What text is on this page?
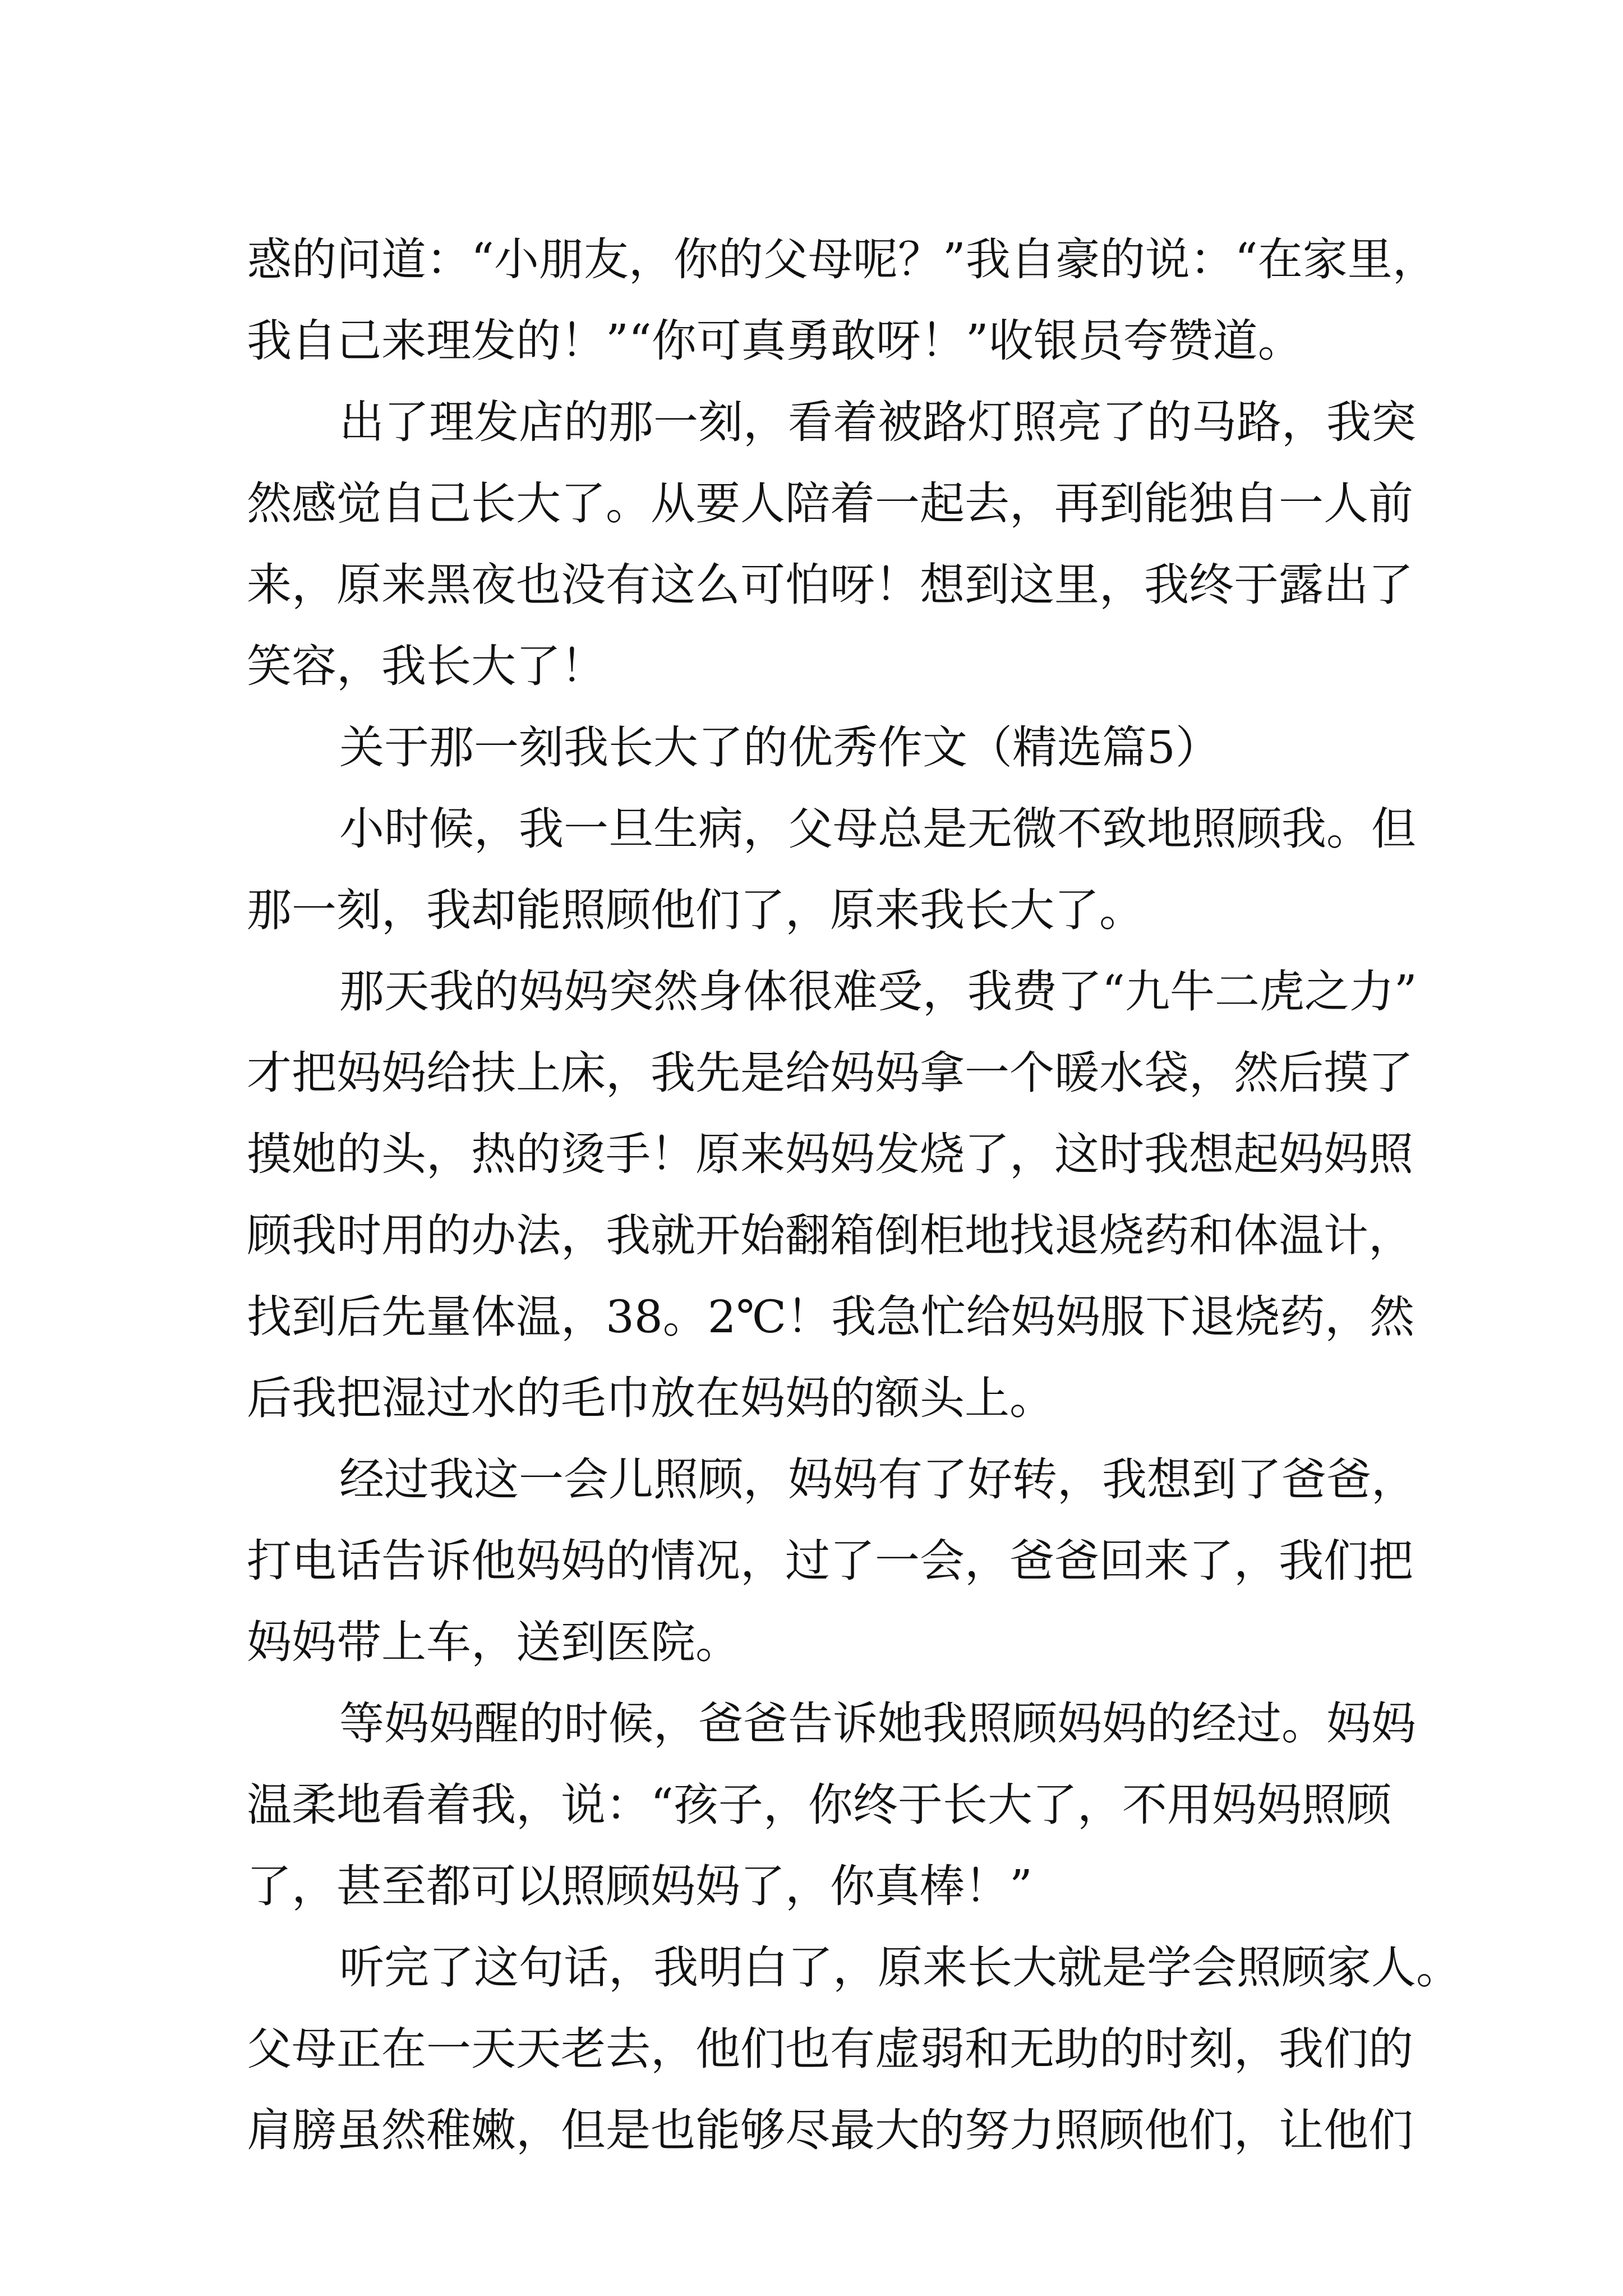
惑的问道：“小朋友，你的父母呢？”我自豪的说：“在家里，
我自己来理发的！”“你可真勇敢呀！”收银员夸赞道。
出了理发店的那一刻，看着被路灯照亮了的马路，我突
然感觉自己长大了。从要人陪着一起去，再到能独自一人前
来，原来黑夜也没有这么可怕呀！想到这里，我终于露出了
笑容，我长大了！
关于那一刻我长大了的优秀作文（精选篇5）
小时候，我一旦生病，父母总是无微不致地照顾我。但
那一刻，我却能照顾他们了，原来我长大了。
那天我的妈妈突然身体很难受，我费了“九牛二虎之力”
才把妈妈给扶上床，我先是给妈妈拿一个暖水袋，然后摸了
摸她的头，热的烫手！原来妈妈发烧了，这时我想起妈妈照
顾我时用的办法，我就开始翻箱倒柜地找退烧药和体温计，
找到后先量体温，38。2℃！我急忙给妈妈服下退烧药，然
后我把湿过水的毛巾放在妈妈的额头上。
经过我这一会儿照顾，妈妈有了好转，我想到了爸爸，
打电话告诉他妈妈的情况，过了一会，爸爸回来了，我们把
妈妈带上车，送到医院。
等妈妈醒的时候，爸爸告诉她我照顾妈妈的经过。妈妈
温柔地看着我，说：“孩子，你终于长大了，不用妈妈照顾
了，甚至都可以照顾妈妈了，你真棒！”
听完了这句话，我明白了，原来长大就是学会照顾家人。
父母正在一天天老去，他们也有虚弱和无助的时刻，我们的
肩膀虽然稚嫩，但是也能够尽最大的努力照顾他们，让他们
